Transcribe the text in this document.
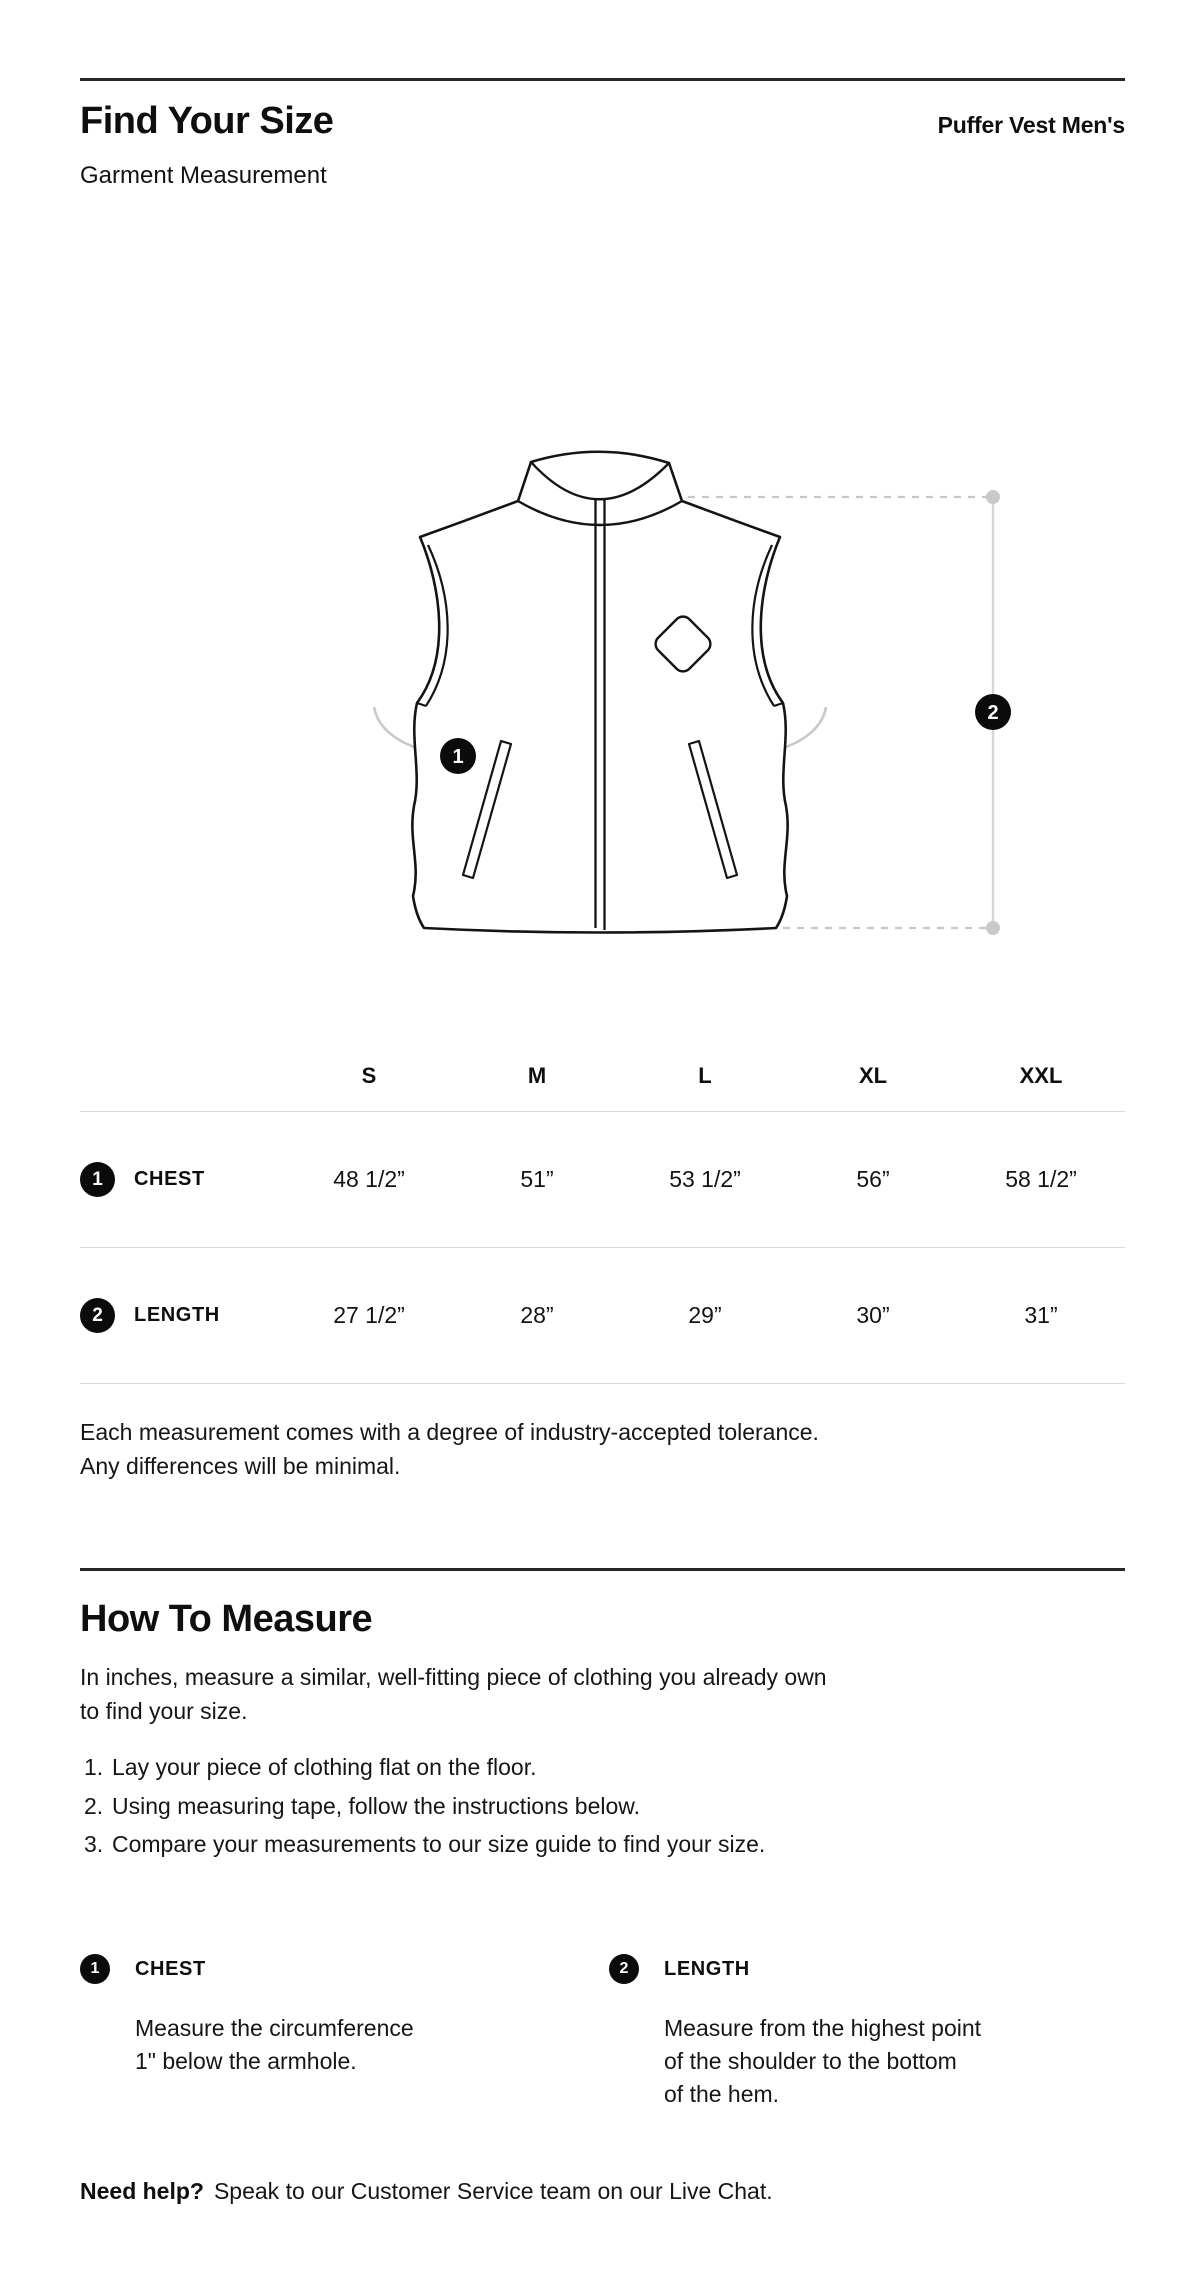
Find Your Size	Puffer Vest Men's
Garment Measurement
1
2
S	M	L	XL	XXL
1	CHEST	48 1/2”	51”	53 1/2”	56”	58 1/2”
2	LENGTH	27 1/2”	28”	29”	30”	31”
Each measurement comes with a degree of industry-accepted tolerance.
Any differences will be minimal.
How To Measure
In inches, measure a similar, well-fitting piece of clothing you already own
to find your size.
1. Lay your piece of clothing flat on the floor.
2. Using measuring tape, follow the instructions below.
3. Compare your measurements to our size guide to find your size.
1	CHEST
Measure the circumference
1" below the armhole.
2	LENGTH
Measure from the highest point
of the shoulder to the bottom
of the hem.
Need help? Speak to our Customer Service team on our Live Chat.
